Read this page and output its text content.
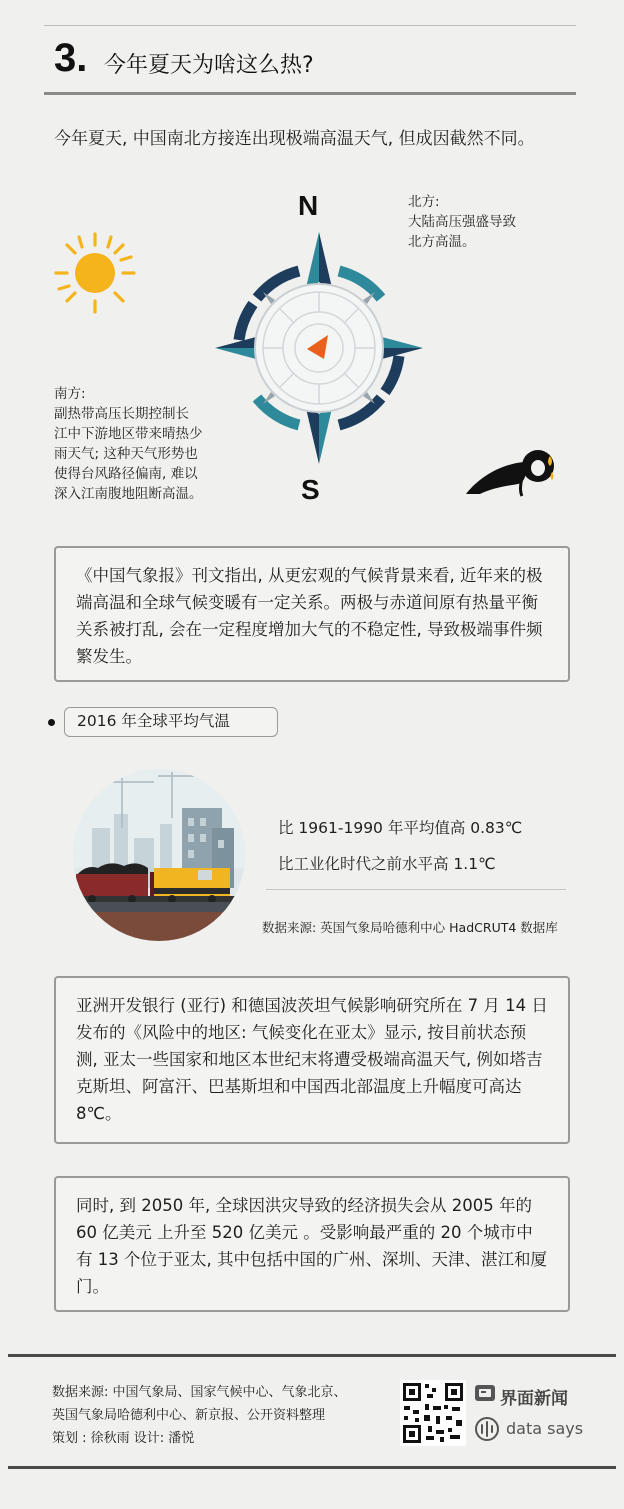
3. 今年夏天为啥这么热?
今年夏天, 中国南北方接连出现极端高温天气, 但成因截然不同。
N
S
北方:
大陆高压强盛导致
北方高温。
南方:
副热带高压长期控制长
江中下游地区带来晴热少
雨天气; 这种天气形势也
使得台风路径偏南, 难以
深入江南腹地阻断高温。
《中国气象报》刊文指出, 从更宏观的气候背景来看, 近年来的极端高温和全球气候变暖有一定关系。两极与赤道间原有热量平衡关系被打乱, 会在一定程度增加大气的不稳定性, 导致极端事件频繁发生。
2016 年全球平均气温
比 1961-1990 年平均值高 0.83℃
比工业化时代之前水平高 1.1℃
数据来源: 英国气象局哈德利中心 HadCRUT4 数据库
亚洲开发银行 (亚行) 和德国波茨坦气候影响研究所在 7 月 14 日发布的《风险中的地区: 气候变化在亚太》显示, 按目前状态预测, 亚太一些国家和地区本世纪末将遭受极端高温天气, 例如塔吉克斯坦、阿富汗、巴基斯坦和中国西北部温度上升幅度可高达 8℃。
同时, 到 2050 年, 全球因洪灾导致的经济损失会从 2005 年的 60 亿美元 上升至 520 亿美元 。受影响最严重的 20 个城市中有 13 个位于亚太, 其中包括中国的广州、深圳、天津、湛江和厦门。
数据来源: 中国气象局、国家气候中心、气象北京、
英国气象局哈德利中心、新京报、公开资料整理
策划 : 徐秋雨 设计: 潘悦
界面新闻
data says
